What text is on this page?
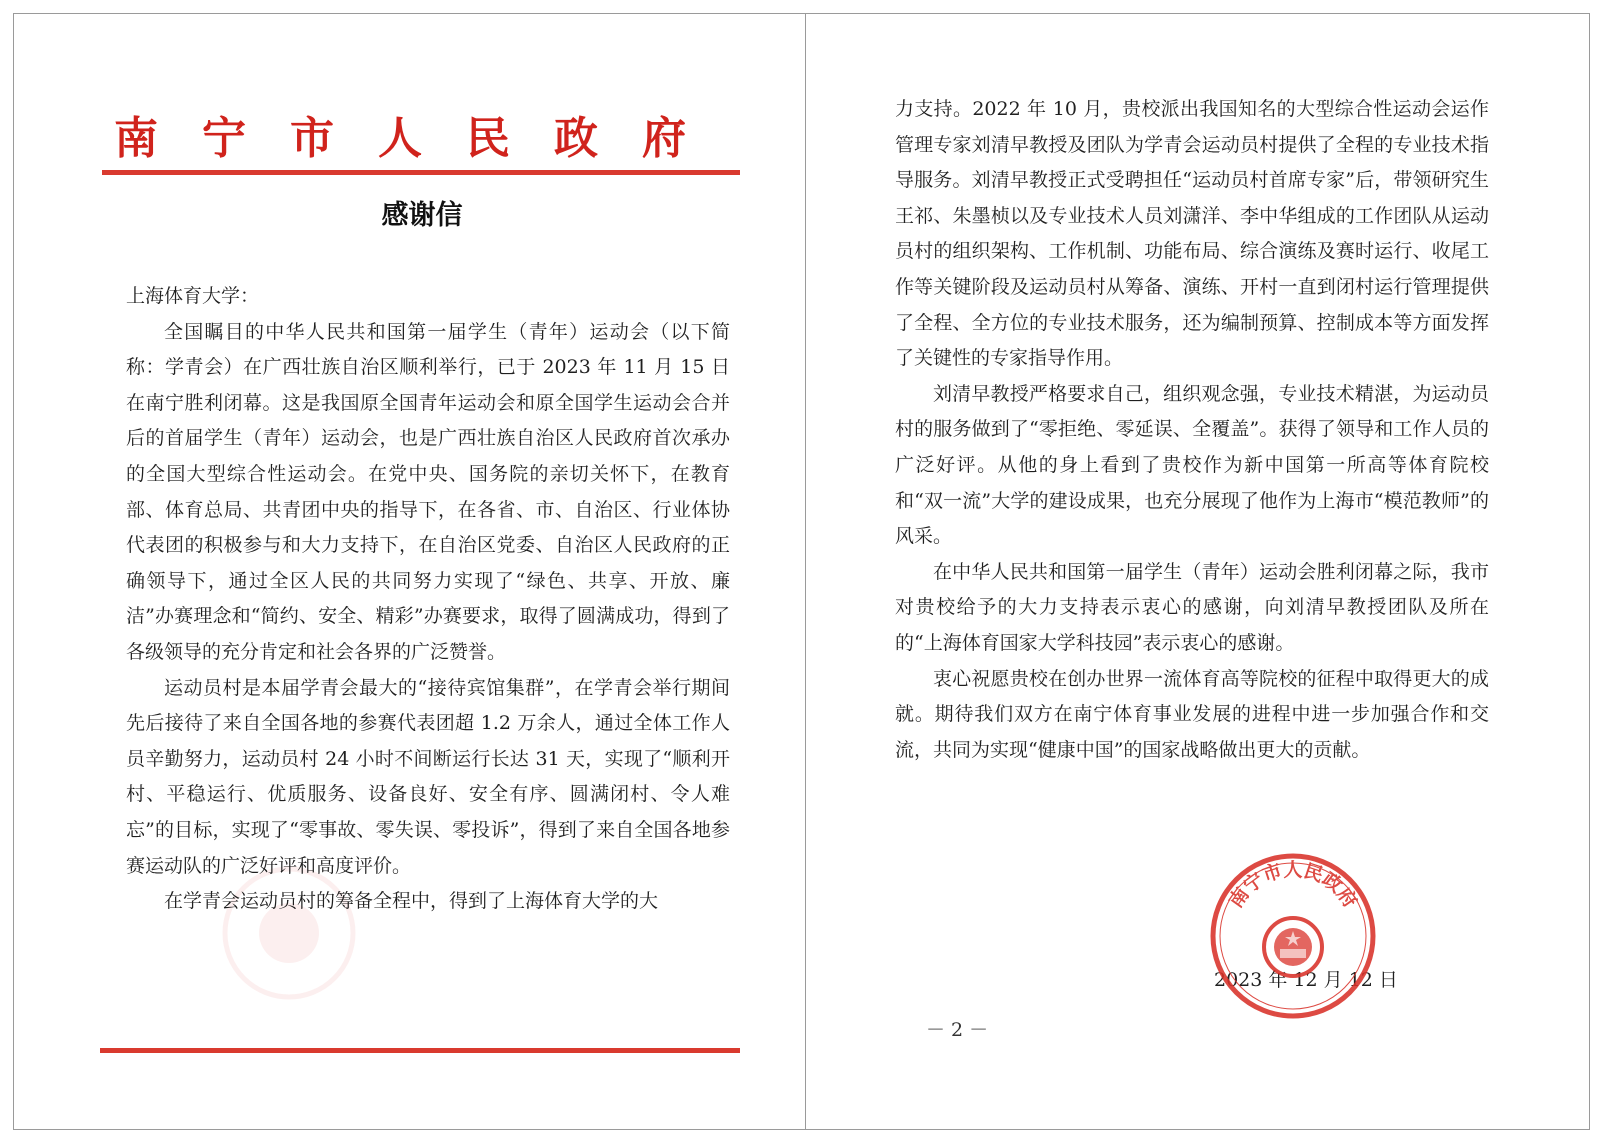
南宁市人民政府
感谢信

上海体育大学：

全国瞩目的中华人民共和国第一届学生（青年）运动会（以下简称：学青会）在广西壮族自治区顺利举行，已于 2023 年 11 月 15 日在南宁胜利闭幕。这是我国原全国青年运动会和原全国学生运动会合并后的首届学生（青年）运动会，也是广西壮族自治区人民政府首次承办的全国大型综合性运动会。在党中央、国务院的亲切关怀下，在教育部、体育总局、共青团中央的指导下，在各省、市、自治区、行业体协代表团的积极参与和大力支持下，在自治区党委、自治区人民政府的正确领导下，通过全区人民的共同努力实现了“绿色、共享、开放、廉洁”办赛理念和“简约、安全、精彩”办赛要求，取得了圆满成功，得到了各级领导的充分肯定和社会各界的广泛赞誉。

运动员村是本届学青会最大的“接待宾馆集群”，在学青会举行期间先后接待了来自全国各地的参赛代表团超 1.2 万余人，通过全体工作人员辛勤努力，运动员村 24 小时不间断运行长达 31 天，实现了“顺利开村、平稳运行、优质服务、设备良好、安全有序、圆满闭村、令人难忘”的目标，实现了“零事故、零失误、零投诉”，得到了来自全国各地参赛运动队的广泛好评和高度评价。

在学青会运动员村的筹备全程中，得到了上海体育大学的大

力支持。2022 年 10 月，贵校派出我国知名的大型综合性运动会运作管理专家刘清早教授及团队为学青会运动员村提供了全程的专业技术指导服务。刘清早教授正式受聘担任“运动员村首席专家”后，带领研究生王祁、朱墨桢以及专业技术人员刘潇洋、李中华组成的工作团队从运动员村的组织架构、工作机制、功能布局、综合演练及赛时运行、收尾工作等关键阶段及运动员村从筹备、演练、开村一直到闭村运行管理提供了全程、全方位的专业技术服务，还为编制预算、控制成本等方面发挥了关键性的专家指导作用。

刘清早教授严格要求自己，组织观念强，专业技术精湛，为运动员村的服务做到了“零拒绝、零延误、全覆盖”。获得了领导和工作人员的广泛好评。从他的身上看到了贵校作为新中国第一所高等体育院校和“双一流”大学的建设成果，也充分展现了他作为上海市“模范教师”的风采。

在中华人民共和国第一届学生（青年）运动会胜利闭幕之际，我市对贵校给予的大力支持表示衷心的感谢，向刘清早教授团队及所在的“上海体育国家大学科技园”表示衷心的感谢。

衷心祝愿贵校在创办世界一流体育高等院校的征程中取得更大的成就。期待我们双方在南宁体育事业发展的进程中进一步加强合作和交流，共同为实现“健康中国”的国家战略做出更大的贡献。

南宁市人民政府
2023 年 12 月 12 日
－ 2 －
